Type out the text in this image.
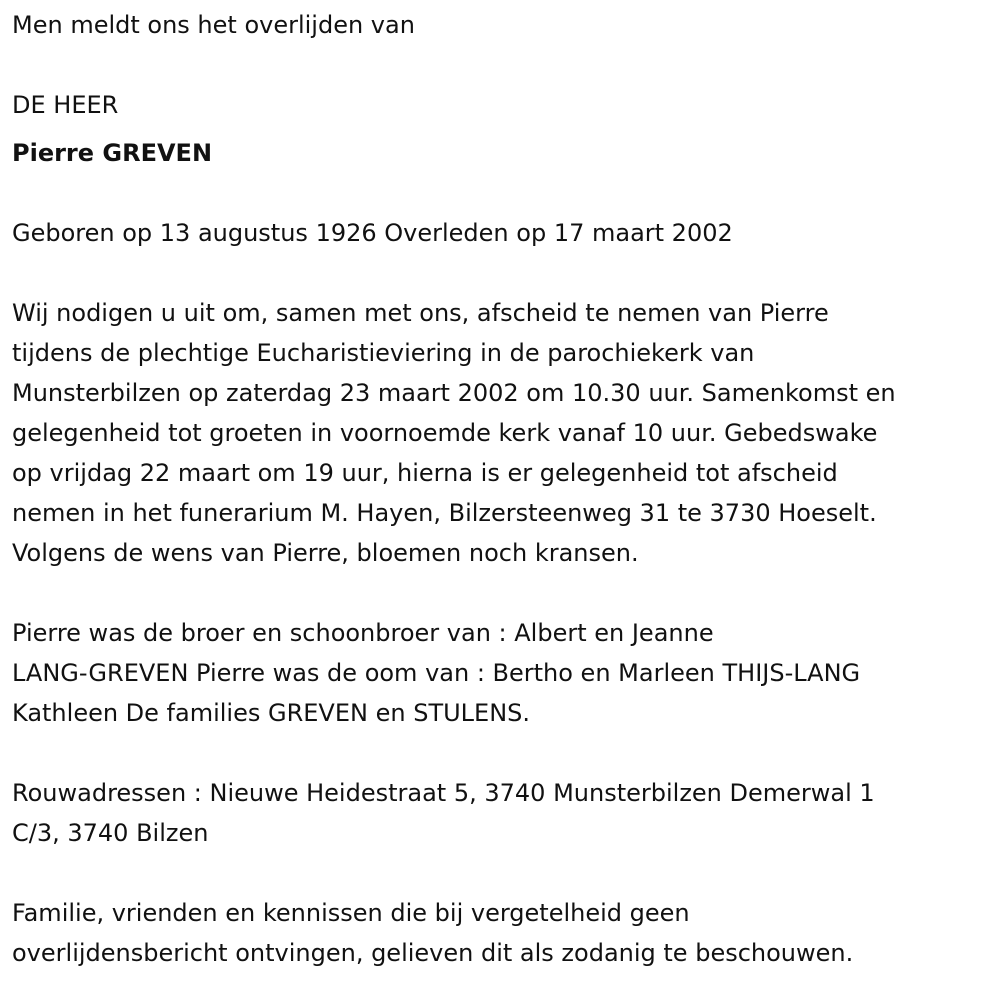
Men meldt ons het overlijden van
DE HEER
Pierre GREVEN
Geboren op 13 augustus 1926 Overleden op 17 maart 2002
Wij nodigen u uit om, samen met ons, afscheid te nemen van Pierre
tijdens de plechtige Eucharistieviering in de parochiekerk van
Munsterbilzen op zaterdag 23 maart 2002 om 10.30 uur. Samenkomst en
gelegenheid tot groeten in voornoemde kerk vanaf 10 uur. Gebedswake
op vrijdag 22 maart om 19 uur, hierna is er gelegenheid tot afscheid
nemen in het funerarium M. Hayen, Bilzersteenweg 31 te 3730 Hoeselt.
Volgens de wens van Pierre, bloemen noch kransen.
Pierre was de broer en schoonbroer van : Albert en Jeanne
LANG-GREVEN Pierre was de oom van : Bertho en Marleen THIJS-LANG
Kathleen De families GREVEN en STULENS.
Rouwadressen : Nieuwe Heidestraat 5, 3740 Munsterbilzen Demerwal 1
C/3, 3740 Bilzen
Familie, vrienden en kennissen die bij vergetelheid geen
overlijdensbericht ontvingen, gelieven dit als zodanig te beschouwen.
